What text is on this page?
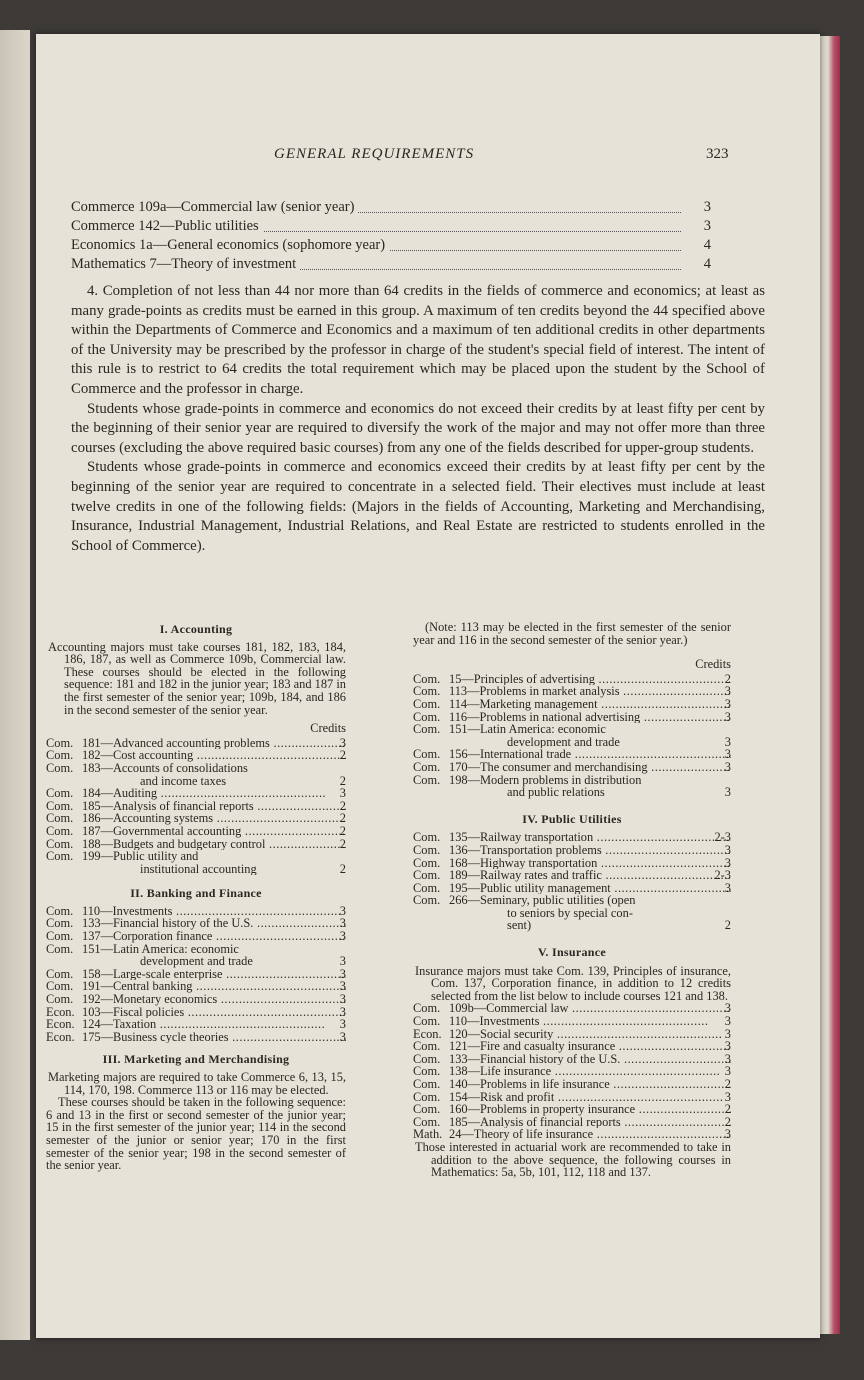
GENERAL REQUIREMENTS	323
Commerce 109a—Commercial law (senior year)	3
Commerce 142—Public utilities	3
Economics 1a—General economics (sophomore year)	4
Mathematics 7—Theory of investment	4

4. Completion of not less than 44 nor more than 64 credits in the fields of commerce and economics; at least as many grade-points as credits must be earned in this group. A maximum of ten credits beyond the 44 specified above within the Departments of Commerce and Economics and a maximum of ten additional credits in other departments of the University may be prescribed by the professor in charge of the student's special field of interest. The intent of this rule is to restrict to 64 credits the total requirement which may be placed upon the student by the School of Commerce and the professor in charge.

Students whose grade-points in commerce and economics do not exceed their credits by at least fifty per cent by the beginning of their senior year are required to diversify the work of the major and may not offer more than three courses (excluding the above required basic courses) from any one of the fields described for upper-group students.

Students whose grade-points in commerce and economics exceed their credits by at least fifty per cent by the beginning of the senior year are required to concentrate in a selected field. Their electives must include at least twelve credits in one of the following fields: (Majors in the fields of Accounting, Marketing and Merchandising, Insurance, Industrial Management, Industrial Relations, and Real Estate are restricted to students enrolled in the School of Commerce).

I. Accounting

Accounting majors must take courses 181, 182, 183, 184, 186, 187, as well as Commerce 109b, Commercial law. These courses should be elected in the following sequence: 181 and 182 in the junior year; 183 and 187 in the first semester of the senior year; 109b, 184, and 186 in the second semester of the senior year.

Credits
Com. 181—Advanced accounting problems .....	3
Com. 182—Cost accounting .....	2
Com. 183—Accounts of consolidations
and income taxes	2
Com. 184—Auditing .....	3
Com. 185—Analysis of financial reports .....	2
Com. 186—Accounting systems .....	2
Com. 187—Governmental accounting .....	2
Com. 188—Budgets and budgetary control .....	2
Com. 199—Public utility and
institutional accounting	2
II. Banking and Finance
Com. 110—Investments .....	3
Com. 133—Financial history of the U.S. .....	3
Com. 137—Corporation finance .....	3
Com. 151—Latin America: economic
development and trade	3
Com. 158—Large-scale enterprise .....	3
Com. 191—Central banking .....	3
Com. 192—Monetary economics .....	3
Econ. 103—Fiscal policies .....	3
Econ. 124—Taxation .....	3
Econ. 175—Business cycle theories .....	3
III. Marketing and Merchandising

Marketing majors are required to take Commerce 6, 13, 15, 114, 170, 198. Commerce 113 or 116 may be elected.

These courses should be taken in the following sequence: 6 and 13 in the first or second semester of the junior year; 15 in the first semester of the junior year; 114 in the second semester of the junior or senior year; 170 in the first semester of the senior year; 198 in the second semester of the senior year.

(Note: 113 may be elected in the first semester of the senior year and 116 in the second semester of the senior year.)

Credits
Com. 15—Principles of advertising .....	2
Com. 113—Problems in market analysis .....	3
Com. 114—Marketing management .....	3
Com. 116—Problems in national advertising .....	3
Com. 151—Latin America: economic
development and trade	3
Com. 156—International trade .....	3
Com. 170—The consumer and merchandising .....	3
Com. 198—Modern problems in distribution
and public relations	3
IV. Public Utilities
Com. 135—Railway transportation .....	2-3
Com. 136—Transportation problems .....	3
Com. 168—Highway transportation .....	3
Com. 189—Railway rates and traffic .....	2-3
Com. 195—Public utility management .....	3
Com. 266—Seminary, public utilities (open
to seniors by special con-
sent)	2
V. Insurance

Insurance majors must take Com. 139, Principles of insurance, Com. 137, Corporation finance, in addition to 12 credits selected from the list below to include courses 121 and 138.

Com. 109b—Commercial law .....	3
Com. 110—Investments .....	3
Econ. 120—Social security .....	3
Com. 121—Fire and casualty insurance .....	3
Com. 133—Financial history of the U.S. .....	3
Com. 138—Life insurance .....	3
Com. 140—Problems in life insurance .....	2
Com. 154—Risk and profit .....	3
Com. 160—Problems in property insurance .....	2
Com. 185—Analysis of financial reports .....	2
Math. 24—Theory of life insurance .....	3

Those interested in actuarial work are recommended to take in addition to the above sequence, the following courses in Mathematics: 5a, 5b, 101, 112, 118 and 137.
